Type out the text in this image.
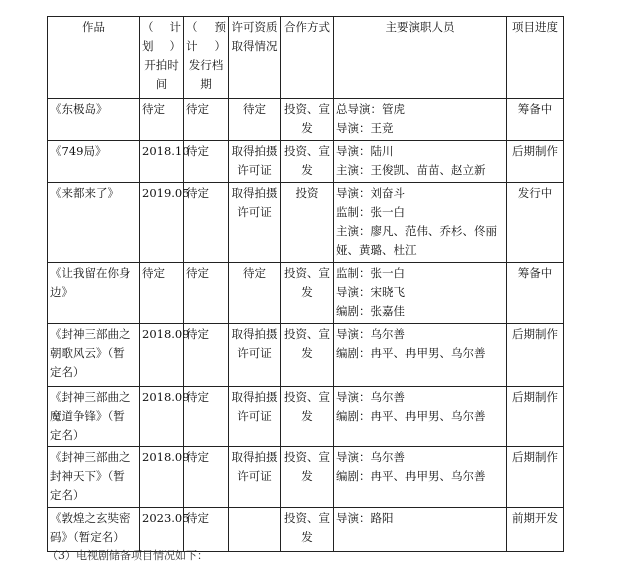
作品	（计
划）
开拍时
间	（预
计）
发行档
期	许可资质
取得情况	合作方式	主要演职人员	项目进度

《东极岛》	待定	待定	待定	投资、宣
发	总导演：管虎
导演：王竞	筹备中

《749局》	2018.10	待定	取得拍摄
许可证	投资、宣
发	导演：陆川
主演：王俊凯、苗苗、赵立新	后期制作

《来都来了》	2019.05	待定	取得拍摄
许可证	投资	导演：刘奋斗
监制：张一白
主演：廖凡、范伟、乔杉、佟丽
娅、黄璐、杜江	发行中

《让我留在你身
边》	待定	待定	待定	投资、宣
发	监制：张一白
导演：宋晓飞
编剧：张嘉佳	筹备中

《封神三部曲之
朝歌风云》（暂
定名）	2018.09	待定	取得拍摄
许可证	投资、宣
发	导演：乌尔善
编剧：冉平、冉甲男、乌尔善	后期制作

《封神三部曲之
魔道争锋》（暂
定名）	2018.09	待定	取得拍摄
许可证	投资、宣
发	导演：乌尔善
编剧：冉平、冉甲男、乌尔善	后期制作

《封神三部曲之
封神天下》（暂
定名）	2018.09	待定	取得拍摄
许可证	投资、宣
发	导演：乌尔善
编剧：冉平、冉甲男、乌尔善	后期制作

《敦煌之玄奘密
码》（暂定名）	2023.05	待定		投资、宣
发	导演：路阳	前期开发
（3）电视剧储备项目情况如下：
